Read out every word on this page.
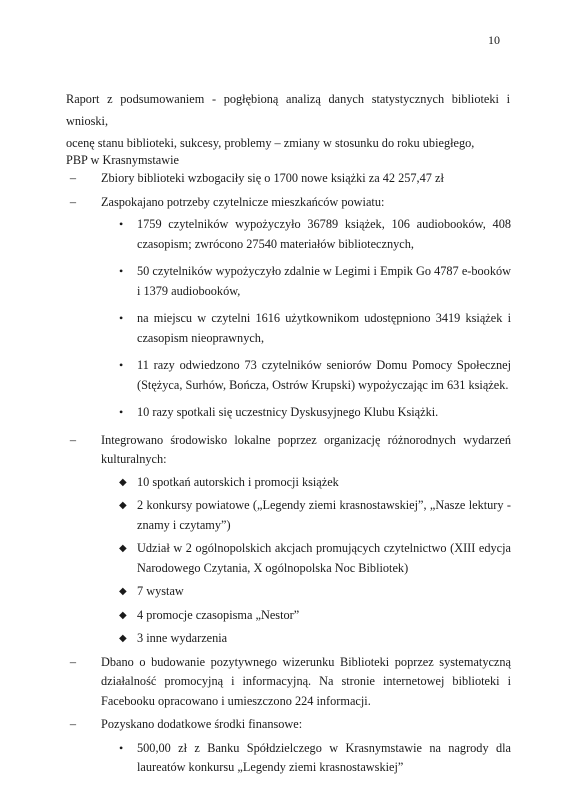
10

Raport z podsumowaniem - pogłębioną analizą danych statystycznych biblioteki i wnioski,

ocenę stanu biblioteki, sukcesy, problemy – zmiany w stosunku do roku ubiegłego,

PBP w Krasnymstawie
–	Zbiory biblioteki wzbogaciły się o 1700 nowe książki za 42 257,47 zł
–	Zaspokajano potrzeby czytelnicze mieszkańców powiatu:
• 1759 czytelników wypożyczyło 36789 książek, 106 audiobooków, 408 czasopism; zwrócono 27540 materiałów bibliotecznych,
• 50 czytelników wypożyczyło zdalnie w Legimi i Empik Go 4787 e-booków i 1379 audiobooków,
• na miejscu w czytelni 1616 użytkownikom udostępniono 3419 książek i czasopism nieoprawnych,
• 11 razy odwiedzono 73 czytelników seniorów Domu Pomocy Społecznej (Stężyca, Surhów, Bończa, Ostrów Krupski) wypożyczając im 631 książek.
• 10 razy spotkali się uczestnicy Dyskusyjnego Klubu Książki.
–	Integrowano środowisko lokalne poprzez organizację różnorodnych wydarzeń kulturalnych:
◆ 10 spotkań autorskich i promocji książek
◆ 2 konkursy powiatowe („Legendy ziemi krasnostawskiej”, „Nasze lektury - znamy i czytamy”)
◆ Udział w 2 ogólnopolskich akcjach promujących czytelnictwo (XIII edycja Narodowego Czytania, X ogólnopolska Noc Bibliotek)
◆ 7 wystaw
◆ 4 promocje czasopisma „Nestor”
◆ 3 inne wydarzenia
–	Dbano o budowanie pozytywnego wizerunku Biblioteki poprzez systematyczną działalność promocyjną i informacyjną. Na stronie internetowej biblioteki i Facebooku opracowano i umieszczono 224 informacji.
–	Pozyskano dodatkowe środki finansowe:
• 500,00 zł z Banku Spółdzielczego w Krasnymstawie na nagrody dla laureatów konkursu „Legendy ziemi krasnostawskiej”
